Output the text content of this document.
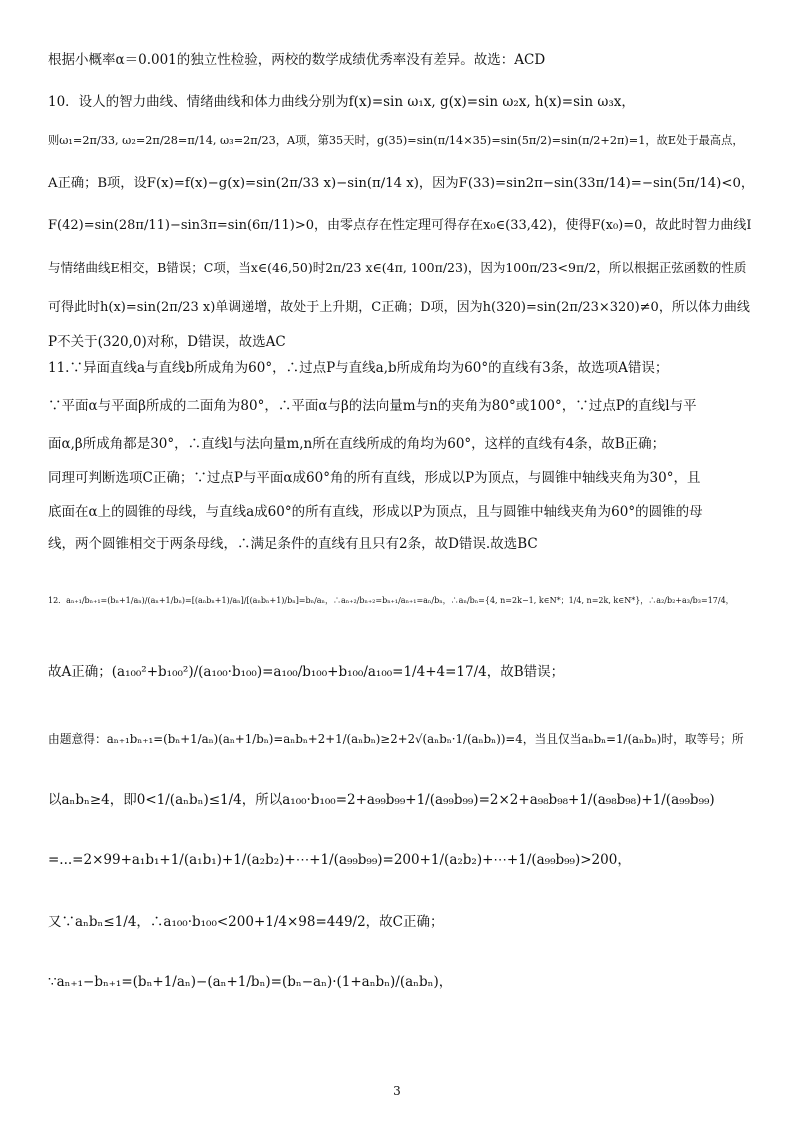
根据小概率α＝0.001的独立性检验，两校的数学成绩优秀率没有差异。故选：ACD
10．设人的智力曲线、情绪曲线和体力曲线分别为f(x)=sin ω₁x, g(x)=sin ω₂x, h(x)=sin ω₃x，
则ω₁=2π/33, ω₂=2π/28=π/14, ω₃=2π/23，A项，第35天时，g(35)=sin(π/14×35)=sin(5π/2)=sin(π/2+2π)=1，故E处于最高点，
A正确；B项，设F(x)=f(x)−g(x)=sin(2π/33 x)−sin(π/14 x)，因为F(33)=sin2π−sin(33π/14)=−sin(5π/14)<0，
F(42)=sin(28π/11)−sin3π=sin(6π/11)>0，由零点存在性定理可得存在x₀∈(33,42)，使得F(x₀)=0，故此时智力曲线I
与情绪曲线E相交，B错误；C项，当x∈(46,50)时2π/23 x∈(4π, 100π/23)，因为100π/23<9π/2，所以根据正弦函数的性质
可得此时h(x)=sin(2π/23 x)单调递增，故处于上升期，C正确；D项，因为h(320)=sin(2π/23×320)≠0，所以体力曲线
P不关于(320,0)对称，D错误，故选AC
11.∵异面直线a与直线b所成角为60°，∴过点P与直线a,b所成角均为60°的直线有3条，故选项A错误；
∵平面α与平面β所成的二面角为80°，∴平面α与β的法向量m与n的夹角为80°或100°，∵过点P的直线l与平
面α,β所成角都是30°，∴直线l与法向量m,n所在直线所成的角均为60°，这样的直线有4条，故B正确；
同理可判断选项C正确；∵过点P与平面α成60°角的所有直线，形成以P为顶点，与圆锥中轴线夹角为30°，且
底面在α上的圆锥的母线，与直线a成60°的所有直线，形成以P为顶点，且与圆锥中轴线夹角为60°的圆锥的母
线，两个圆锥相交于两条母线，∴满足条件的直线有且只有2条，故D错误.故选BC
12．aₙ₊₁/bₙ₊₁=(bₙ+1/aₙ)/(aₙ+1/bₙ)=[(aₙbₙ+1)/aₙ]/[(aₙbₙ+1)/bₙ]=bₙ/aₙ，∴aₙ₊₂/bₙ₊₂=bₙ₊₁/aₙ₊₁=aₙ/bₙ，∴aₙ/bₙ={4, n=2k−1, k∈N*；1/4, n=2k, k∈N*}，∴a₂/b₂+a₃/b₃=17/4，
故A正确；(a₁₀₀²+b₁₀₀²)/(a₁₀₀·b₁₀₀)=a₁₀₀/b₁₀₀+b₁₀₀/a₁₀₀=1/4+4=17/4，故B错误；
由题意得：aₙ₊₁bₙ₊₁=(bₙ+1/aₙ)(aₙ+1/bₙ)=aₙbₙ+2+1/(aₙbₙ)≥2+2√(aₙbₙ·1/(aₙbₙ))=4，当且仅当aₙbₙ=1/(aₙbₙ)时，取等号；所
以aₙbₙ≥4，即0<1/(aₙbₙ)≤1/4，所以a₁₀₀·b₁₀₀=2+a₉₉b₉₉+1/(a₉₉b₉₉)=2×2+a₉₈b₉₈+1/(a₉₈b₉₈)+1/(a₉₉b₉₉)
=...=2×99+a₁b₁+1/(a₁b₁)+1/(a₂b₂)+⋯+1/(a₉₉b₉₉)=200+1/(a₂b₂)+⋯+1/(a₉₉b₉₉)>200，
又∵aₙbₙ≤1/4，∴a₁₀₀·b₁₀₀<200+1/4×98=449/2，故C正确；
∵aₙ₊₁−bₙ₊₁=(bₙ+1/aₙ)−(aₙ+1/bₙ)=(bₙ−aₙ)·(1+aₙbₙ)/(aₙbₙ)，
3
